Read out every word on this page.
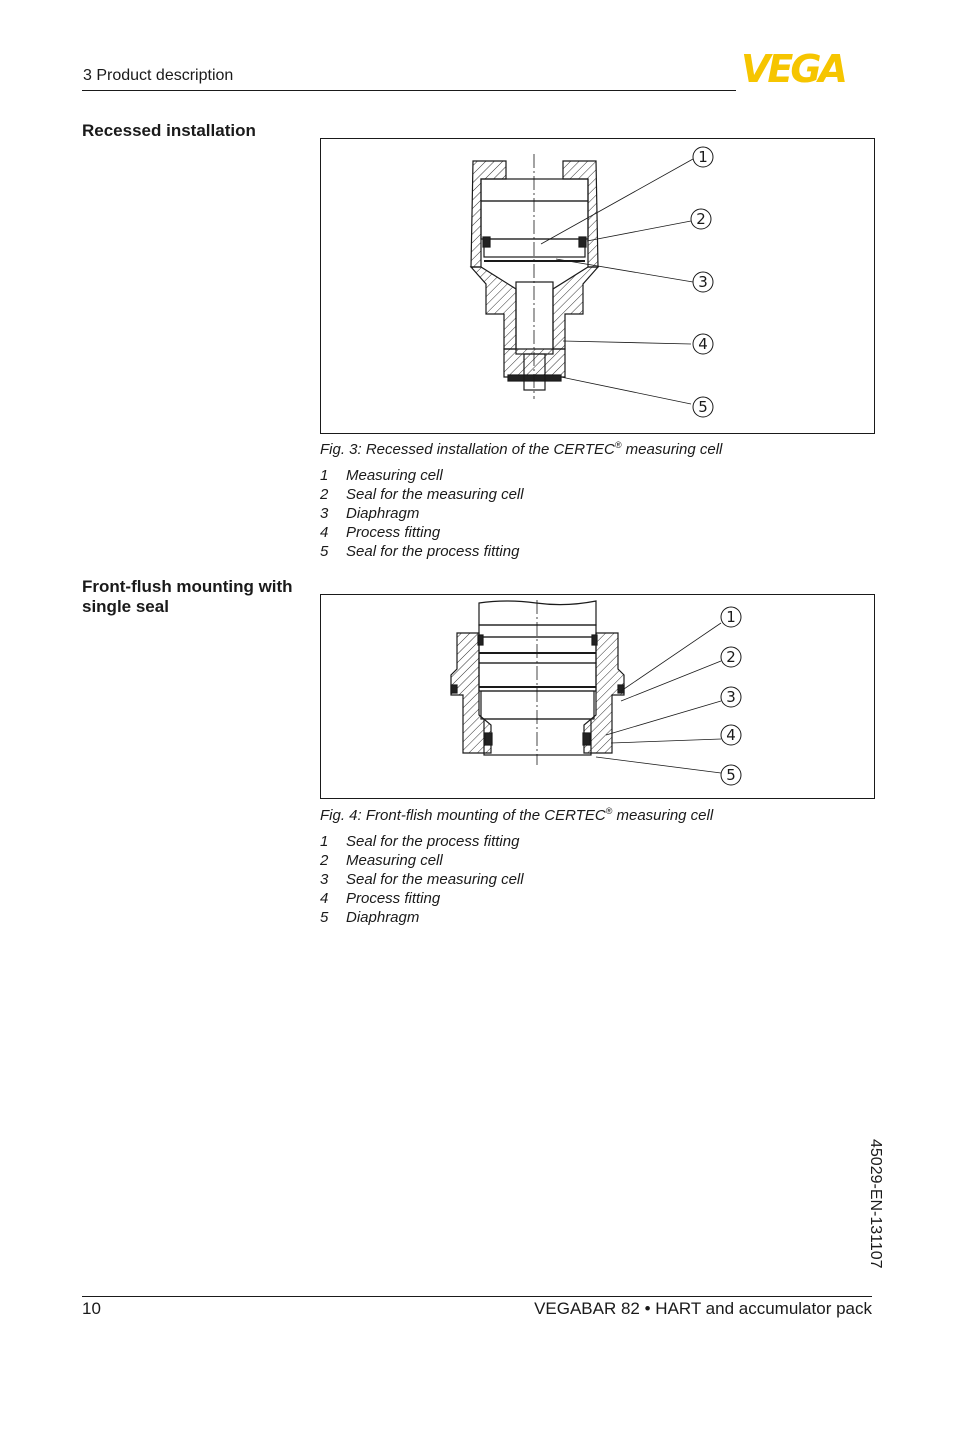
3 Product description	VEGA
Recessed installation
1
2
3
4
5
Fig. 3: Recessed installation of the CERTEC® measuring cell
1 Measuring cell
2 Seal for the measuring cell
3 Diaphragm
4 Process fitting
5 Seal for the process fitting
Front-flush mounting with single seal
1
2
3
4
5
Fig. 4: Front-flish mounting of the CERTEC® measuring cell
1 Seal for the process fitting
2 Measuring cell
3 Seal for the measuring cell
4 Process fitting
5 Diaphragm
45029-EN-131107
10	VEGABAR 82 • HART and accumulator pack
